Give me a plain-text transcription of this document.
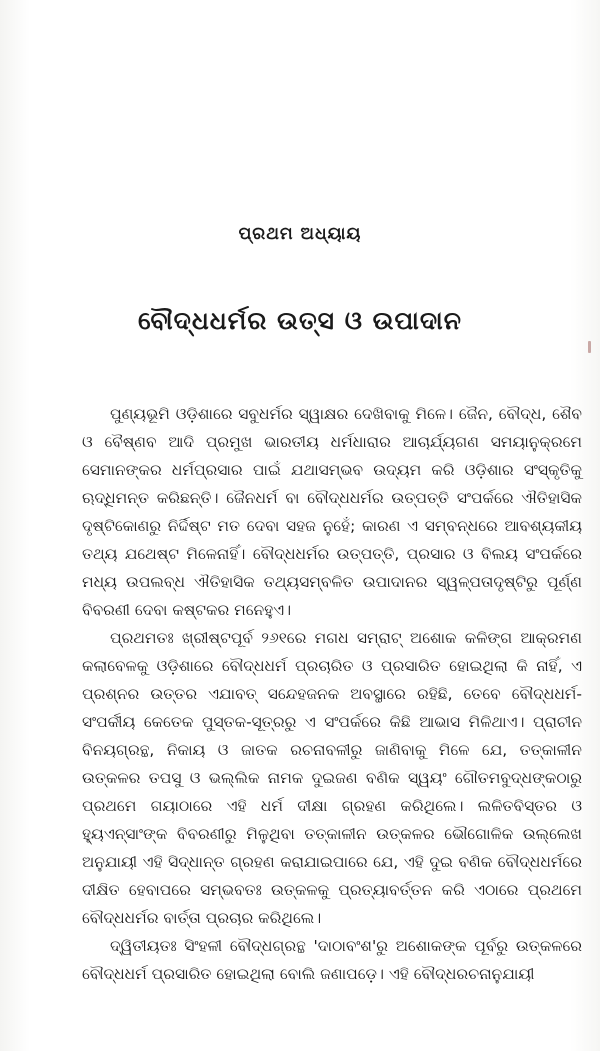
ପ୍ରଥମ ଅଧ୍ୟାୟ
ବୌଦ୍ଧଧର୍ମର ଉତ୍ସ ଓ ଉପାଦାନ

ପୁଣ୍ୟଭୂମି ଓଡ଼ିଶାରେ ସବୁଧର୍ମର ସ୍ୱାକ୍ଷର ଦେଖିବାକୁ ମିଳେ। ଜୈନ, ବୌଦ୍ଧ, ଶୈବ ଓ ବୈଷ୍ଣବ ଆଦି ପ୍ରମୁଖ ଭାରତୀୟ ଧର୍ମଧାରାର ଆଚାର୍ଯ୍ୟଗଣ ସମୟାନୁକ୍ରମେ ସେମାନଙ୍କର ଧର୍ମପ୍ରସାର ପାଇଁ ଯଥାସମ୍ଭବ ଉଦ୍ୟମ କରି ଓଡ଼ିଶାର ସଂସ୍କୃତିକୁ ଋଦ୍ଧିମନ୍ତ କରିଛନ୍ତି। ଜୈନଧର୍ମ ବା ବୌଦ୍ଧଧର୍ମର ଉତ୍ପତ୍ତି ସଂପର୍କରେ ଐତିହାସିକ ଦୃଷ୍ଟିକୋଣରୁ ନିର୍ଦ୍ଦିଷ୍ଟ ମତ ଦେବା ସହଜ ନୁହେଁ; କାରଣ ଏ ସମ୍ବନ୍ଧରେ ଆବଶ୍ୟକୀୟ ତଥ୍ୟ ଯଥେଷ୍ଟ ମିଳେନାହିଁ। ବୌଦ୍ଧଧର୍ମର ଉତ୍ପତ୍ତି, ପ୍ରସାର ଓ ବିଲୟ ସଂପର୍କରେ ମଧ୍ୟ ଉପଲବ୍ଧ ଐତିହାସିକ ତଥ୍ୟସମ୍ବଳିତ ଉପାଦାନର ସ୍ୱଳ୍ପତାଦୃଷ୍ଟିରୁ ପୂର୍ଣ୍ଣ ବିବରଣୀ ଦେବା କଷ୍ଟକର ମନେହୁଏ।

ପ୍ରଥମତଃ ଖ୍ରୀଷ୍ଟପୂର୍ବ ୨୬୧ରେ ମଗଧ ସମ୍ରାଟ୍ ଅଶୋକ କଳିଙ୍ଗ ଆକ୍ରମଣ କଲାବେଳକୁ ଓଡ଼ିଶାରେ ବୌଦ୍ଧଧର୍ମ ପ୍ରଚାରିତ ଓ ପ୍ରସାରିତ ହୋଇଥିଲା କି ନାହିଁ, ଏ ପ୍ରଶ୍ନର ଉତ୍ତର ଏଯାବତ୍ ସନ୍ଦେହଜନକ ଅବସ୍ଥାରେ ରହିଛି, ତେବେ ବୌଦ୍ଧଧର୍ମ-ସଂପର୍କୀୟ କେତେକ ପୁସ୍ତକ-ସୂତ୍ରରୁ ଏ ସଂପର୍କରେ କିଛି ଆଭାସ ମିଳିଥାଏ। ପ୍ରାଚୀନ ବିନୟଗ୍ରନ୍ଥ, ନିକାୟ ଓ ଜାତକ ରଚନାବଳୀରୁ ଜାଣିବାକୁ ମିଳେ ଯେ, ତତ୍କାଳୀନ ଉତ୍କଳର ତପସୁ ଓ ଭଲ୍ଲିକ ନାମକ ଦୁଇଜଣ ବଣିକ ସ୍ୱୟଂ ଗୌତମବୁଦ୍ଧଙ୍କଠାରୁ ପ୍ରଥମେ ଗୟାଠାରେ ଏହି ଧର୍ମ ଦୀକ୍ଷା ଗ୍ରହଣ କରିଥିଲେ। ଲଳିତବିସ୍ତର ଓ ହ୍ୟୁଏନ୍‌ସାଂଙ୍କ ବିବରଣୀରୁ ମିଳୁଥିବା ତତ୍କାଳୀନ ଉତ୍କଳର ଭୌଗୋଳିକ ଉଲ୍ଲେଖ ଅନୁଯାୟୀ ଏହି ସିଦ୍ଧାନ୍ତ ଗ୍ରହଣ କରାଯାଇପାରେ ଯେ, ଏହି ଦୁଇ ବଣିକ ବୌଦ୍ଧଧର୍ମରେ ଦୀକ୍ଷିତ ହେବାପରେ ସମ୍ଭବତଃ ଉତ୍କଳକୁ ପ୍ରତ୍ୟାବର୍ତ୍ତନ କରି ଏଠାରେ ପ୍ରଥମେ ବୌଦ୍ଧଧର୍ମର ବାର୍ତ୍ତା ପ୍ରଚାର କରିଥିଲେ।

ଦ୍ୱିତୀୟତଃ ସିଂହଳୀ ବୌଦ୍ଧଗ୍ରନ୍ଥ 'ଦାଠାବଂଶ'ରୁ ଅଶୋକଙ୍କ ପୂର୍ବରୁ ଉତ୍କଳରେ ବୌଦ୍ଧଧର୍ମ ପ୍ରସାରିତ ହୋଇଥିଲା ବୋଲି ଜଣାପଡ଼େ। ଏହି ବୌଦ୍ଧରଚନାନୁଯାୟୀ
